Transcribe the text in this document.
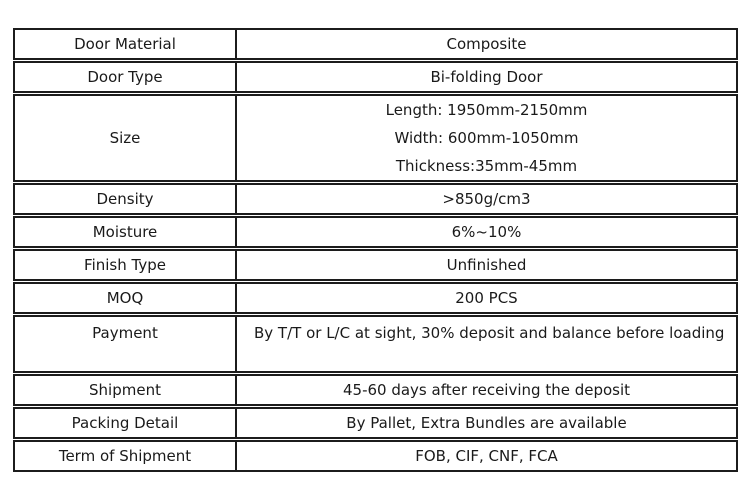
Door Material	Composite
Door Type	Bi-folding Door
Size	Length: 1950mm-2150mm
Width: 600mm-1050mm
Thickness:35mm-45mm

Density	>850g/cm3
Moisture	6%~10%
Finish Type	Unfinished
MOQ	200 PCS
Payment	By T/T or L/C at sight, 30% deposit and balance before loading
Shipment	45-60 days after receiving the deposit
Packing Detail	By Pallet, Extra Bundles are available
Term of Shipment	FOB, CIF, CNF, FCA
